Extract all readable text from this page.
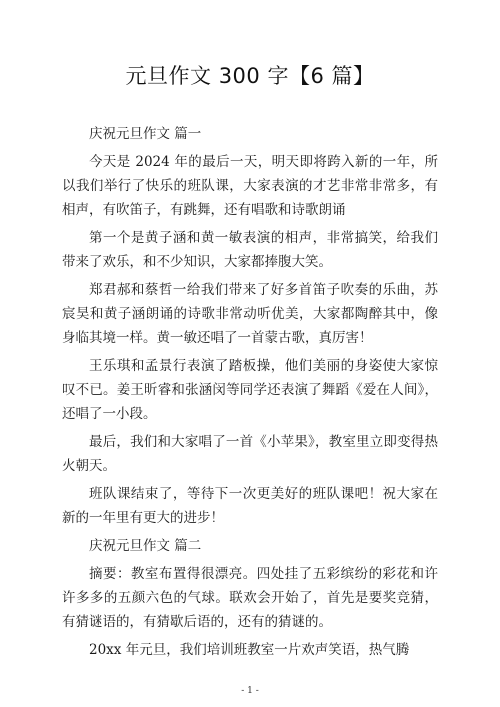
元旦作文 300 字【6 篇】

庆祝元旦作文 篇一

今天是 2024 年的最后一天，明天即将跨入新的一年，所以我们举行了快乐的班队课，大家表演的才艺非常非常多，有相声，有吹笛子，有跳舞，还有唱歌和诗歌朗诵

第一个是黄子涵和黄一敏表演的相声，非常搞笑，给我们带来了欢乐，和不少知识，大家都捧腹大笑。

郑君郝和蔡哲一给我们带来了好多首笛子吹奏的乐曲，苏宸昊和黄子涵朗诵的诗歌非常动听优美，大家都陶醉其中，像身临其境一样。黄一敏还唱了一首蒙古歌，真厉害！

王乐琪和孟景行表演了踏板操，他们美丽的身姿使大家惊叹不已。姜王昕睿和张涵闵等同学还表演了舞蹈《爱在人间》，还唱了一小段。

最后，我们和大家唱了一首《小苹果》，教室里立即变得热火朝天。

班队课结束了，等待下一次更美好的班队课吧！祝大家在新的一年里有更大的进步！

庆祝元旦作文 篇二

摘要：教室布置得很漂亮。四处挂了五彩缤纷的彩花和许许多多的五颜六色的气球。联欢会开始了，首先是要奖竞猜，有猜谜语的，有猜歇后语的，还有的猜谜的。

20xx 年元旦，我们培训班教室一片欢声笑语，热气腾

- 1 -
